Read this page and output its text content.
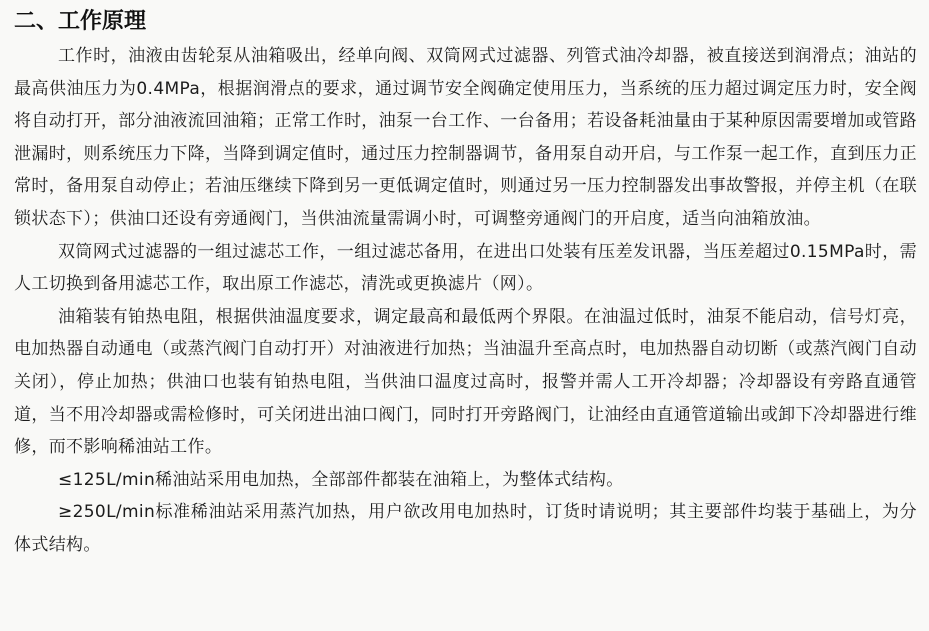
二、工作原理

工作时，油液由齿轮泵从油箱吸出，经单向阀、双筒网式过滤器、列管式油冷却器，被直接送到润滑点；油站的最高供油压力为0.4MPa，根据润滑点的要求，通过调节安全阀确定使用压力，当系统的压力超过调定压力时，安全阀将自动打开，部分油液流回油箱；正常工作时，油泵一台工作、一台备用；若设备耗油量由于某种原因需要增加或管路泄漏时，则系统压力下降，当降到调定值时，通过压力控制器调节，备用泵自动开启，与工作泵一起工作，直到压力正常时，备用泵自动停止；若油压继续下降到另一更低调定值时，则通过另一压力控制器发出事故警报，并停主机（在联锁状态下）；供油口还设有旁通阀门，当供油流量需调小时，可调整旁通阀门的开启度，适当向油箱放油。

双筒网式过滤器的一组过滤芯工作，一组过滤芯备用，在进出口处装有压差发讯器，当压差超过0.15MPa时，需人工切换到备用滤芯工作，取出原工作滤芯，清洗或更换滤片（网）。

油箱装有铂热电阻，根据供油温度要求，调定最高和最低两个界限。在油温过低时，油泵不能启动，信号灯亮，电加热器自动通电（或蒸汽阀门自动打开）对油液进行加热；当油温升至高点时，电加热器自动切断（或蒸汽阀门自动关闭），停止加热；供油口也装有铂热电阻，当供油口温度过高时，报警并需人工开冷却器；冷却器设有旁路直通管道，当不用冷却器或需检修时，可关闭进出油口阀门，同时打开旁路阀门，让油经由直通管道输出或卸下冷却器进行维修，而不影响稀油站工作。

≤125L/min稀油站采用电加热，全部部件都装在油箱上，为整体式结构。

≥250L/min标准稀油站采用蒸汽加热，用户欲改用电加热时，订货时请说明；其主要部件均装于基础上，为分体式结构。
